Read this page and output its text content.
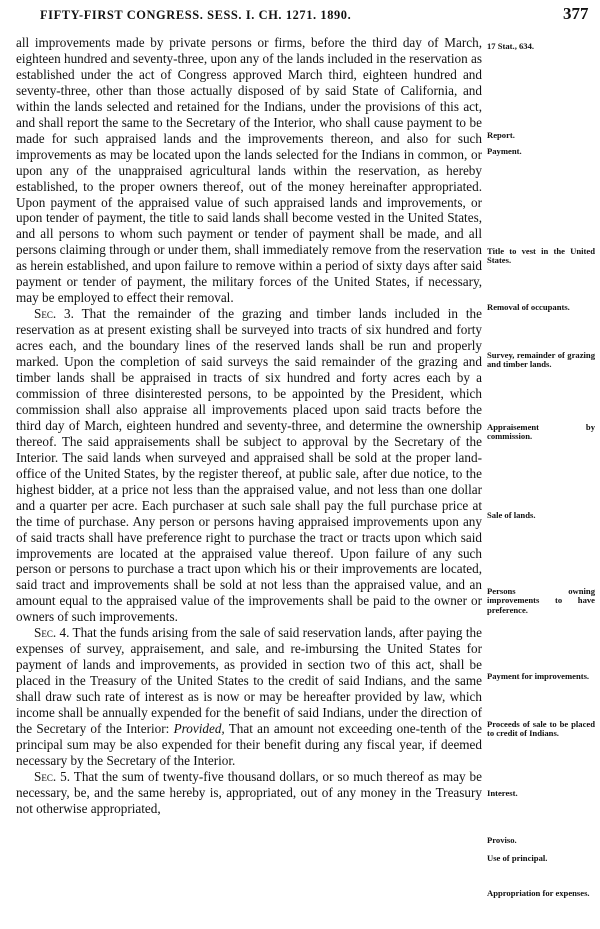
FIFTY-FIRST CONGRESS. SESS. I. CH. 1271. 1890.	377

all improvements made by private persons or firms, before the third day of March, eighteen hundred and seventy-three, upon any of the lands included in the reservation as established under the act of Congress approved March third, eighteen hundred and seventy-three, other than those actually disposed of by said State of California, and within the lands selected and retained for the Indians, under the provisions of this act, and shall report the same to the Secretary of the Interior, who shall cause payment to be made for such appraised lands and the improvements thereon, and also for such improvements as may be located upon the lands selected for the Indians in common, or upon any of the unappraised agricultural lands within the reservation, as hereby established, to the proper owners thereof, out of the money hereinafter appropriated. Upon payment of the appraised value of such appraised lands and improvements, or upon tender of payment, the title to said lands shall become vested in the United States, and all persons to whom such payment or tender of payment shall be made, and all persons claiming through or under them, shall immediately remove from the reservation as herein established, and upon failure to remove within a period of sixty days after said payment or tender of payment, the military forces of the United States, if necessary, may be employed to effect their removal.

Sec. 3. That the remainder of the grazing and timber lands included in the reservation as at present existing shall be surveyed into tracts of six hundred and forty acres each, and the boundary lines of the reserved lands shall be run and properly marked. Upon the completion of said surveys the said remainder of the grazing and timber lands shall be appraised in tracts of six hundred and forty acres each by a commission of three disinterested persons, to be appointed by the President, which commission shall also appraise all improvements placed upon said tracts before the third day of March, eighteen hundred and seventy-three, and determine the ownership thereof. The said appraisements shall be subject to approval by the Secretary of the Interior. The said lands when surveyed and appraised shall be sold at the proper land-office of the United States, by the register thereof, at public sale, after due notice, to the highest bidder, at a price not less than the appraised value, and not less than one dollar and a quarter per acre. Each purchaser at such sale shall pay the full purchase price at the time of purchase. Any person or persons having appraised improvements upon any of said tracts shall have preference right to purchase the tract or tracts upon which said improvements are located at the appraised value thereof. Upon failure of any such person or persons to purchase a tract upon which his or their improvements are located, said tract and improvements shall be sold at not less than the appraised value, and an amount equal to the appraised value of the improvements shall be paid to the owner or owners of such improvements.

Sec. 4. That the funds arising from the sale of said reservation lands, after paying the expenses of survey, appraisement, and sale, and re-imbursing the United States for payment of lands and improvements, as provided in section two of this act, shall be placed in the Treasury of the United States to the credit of said Indians, and the same shall draw such rate of interest as is now or may be hereafter provided by law, which income shall be annually expended for the benefit of said Indians, under the direction of the Secretary of the Interior: Provided, That an amount not exceeding one-tenth of the principal sum may be also expended for their benefit during any fiscal year, if deemed necessary by the Secretary of the Interior.

Sec. 5. That the sum of twenty-five thousand dollars, or so much thereof as may be necessary, be, and the same hereby is, appropriated, out of any money in the Treasury not otherwise appropriated,

17 Stat., 634.
Report.
Payment.
Title to vest in the United States.
Removal of occupants.
Survey, remainder of grazing and timber lands.
Appraisement by commission.
Sale of lands.
Persons owning improvements to have preference.
Payment for improvements.
Proceeds of sale to be placed to credit of Indians.
Interest.
Proviso.
Use of principal.
Appropriation for expenses.
